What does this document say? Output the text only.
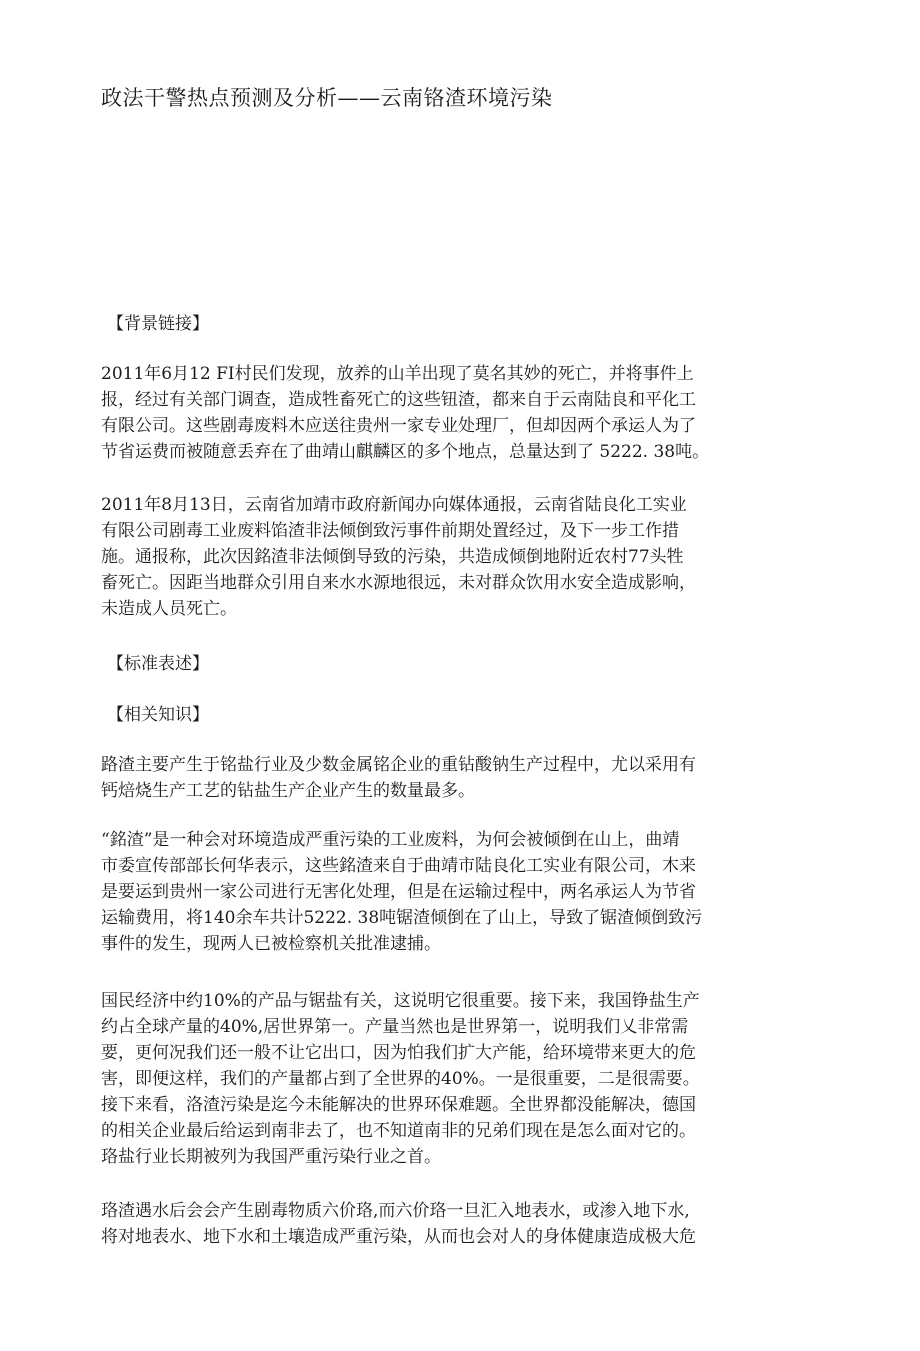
政法干警热点预测及分析——云南铬渣环境污染
【背景链接】
2011年6月12 FI村民们发现，放养的山羊出现了莫名其妙的死亡，并将事件上
报，经过有关部门调查，造成牲畜死亡的这些钮渣，都来自于云南陆良和平化工
有限公司。这些剧毒废料木应送往贵州一家专业处理厂，但却因两个承运人为了
节省运费而被随意丢弃在了曲靖山麒麟区的多个地点，总量达到了 5222. 38吨。
2011年8月13日，云南省加靖市政府新闻办向媒体通报，云南省陆良化工实业
有限公司剧毒工业废料馅渣非法倾倒致污事件前期处置经过，及下一步工作措
施。通报称，此次因銘渣非法倾倒导致的污染，共造成倾倒地附近农村77头牲
畜死亡。因距当地群众引用自来水水源地很远，未对群众饮用水安全造成影响，
未造成人员死亡。
【标准表述】
【相关知识】
路渣主要产生于铭盐行业及少数金属铭企业的重钻酸钠生产过程中，尤以采用有
钙焙烧生产工艺的钻盐生产企业产生的数量最多。
“銘渣”是一种会对环境造成严重污染的工业废料，为何会被倾倒在山上，曲靖
市委宣传部部长何华表示，这些銘渣来自于曲靖市陆良化工实业有限公司，木来
是要运到贵州一家公司进行无害化处理，但是在运输过程中，两名承运人为节省
运输费用，将140余车共计5222. 38吨锯渣倾倒在了山上，导致了锯渣倾倒致污
事件的发生，现两人已被检察机关批准逮捕。
国民经济中约10%的产品与锯盐有关，这说明它很重要。接下来，我国铮盐生产
约占全球产量的40%,居世界第一。产量当然也是世界第一，说明我们乂非常需
要，更何况我们还一般不让它出口，因为怕我们扩大产能，给环境带来更大的危
害，即便这样，我们的产量都占到了全世界的40%。一是很重要，二是很需要。
接下来看，洛渣污染是迄今未能解决的世界环保难题。全世界都没能解决，德国
的相关企业最后给运到南非去了，也不知道南非的兄弟们现在是怎么面对它的。
珞盐行业长期被列为我国严重污染行业之首。
珞渣遇水后会会产生剧毒物质六价珞,而六价珞一旦汇入地表水，或渗入地下水,
将对地表水、地下水和土壤造成严重污染，从而也会对人的身体健康造成极大危
